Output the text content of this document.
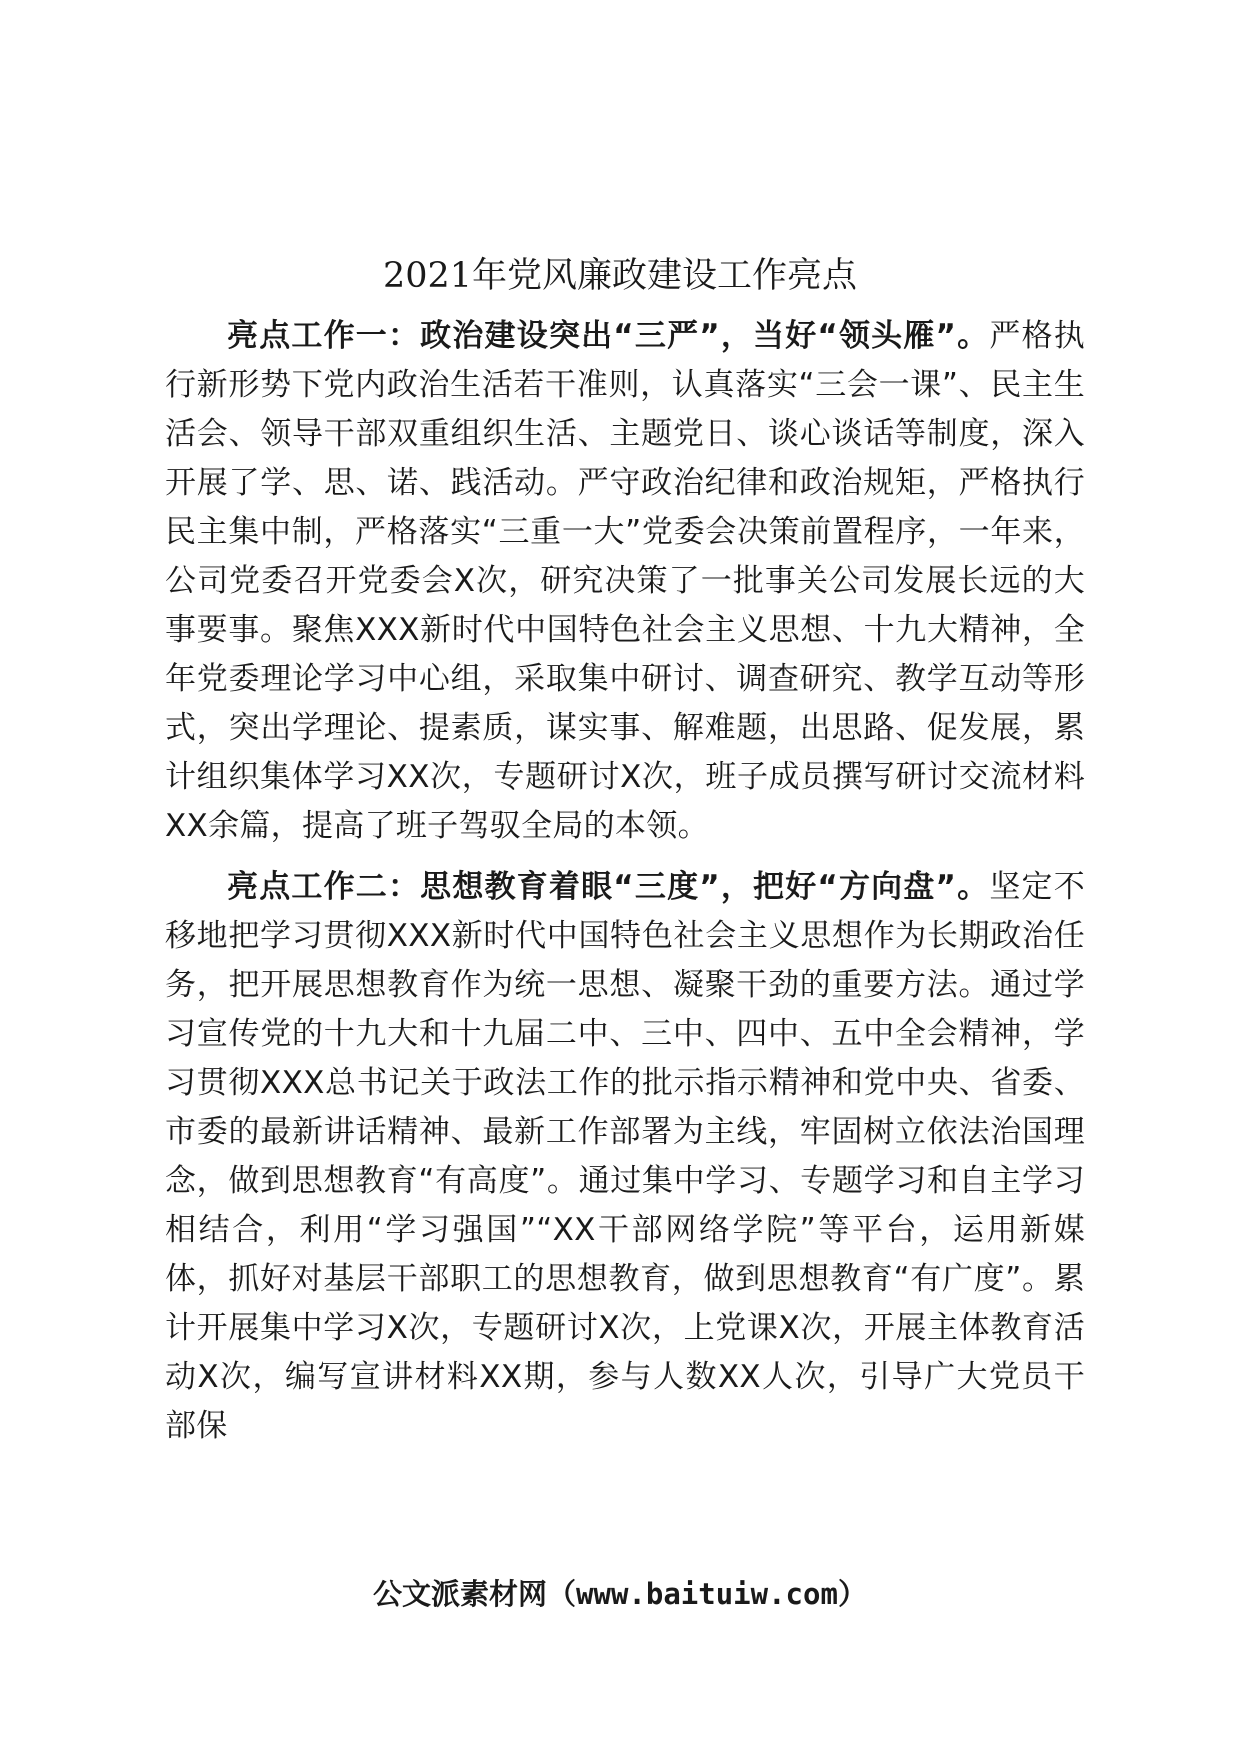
2021年党风廉政建设工作亮点

亮点工作一：政治建设突出“三严”，当好“领头雁”。严格执行新形势下党内政治生活若干准则，认真落实“三会一课”、民主生活会、领导干部双重组织生活、主题党日、谈心谈话等制度，深入开展了学、思、诺、践活动。严守政治纪律和政治规矩，严格执行民主集中制，严格落实“三重一大”党委会决策前置程序，一年来，公司党委召开党委会X次，研究决策了一批事关公司发展长远的大事要事。聚焦XXX新时代中国特色社会主义思想、十九大精神，全年党委理论学习中心组，采取集中研讨、调查研究、教学互动等形式，突出学理论、提素质，谋实事、解难题，出思路、促发展，累计组织集体学习XX次，专题研讨X次，班子成员撰写研讨交流材料XX余篇，提高了班子驾驭全局的本领。

亮点工作二：思想教育着眼“三度”，把好“方向盘”。坚定不移地把学习贯彻XXX新时代中国特色社会主义思想作为长期政治任务，把开展思想教育作为统一思想、凝聚干劲的重要方法。通过学习宣传党的十九大和十九届二中、三中、四中、五中全会精神，学习贯彻XXX总书记关于政法工作的批示指示精神和党中央、省委、市委的最新讲话精神、最新工作部署为主线，牢固树立依法治国理念，做到思想教育“有高度”。通过集中学习、专题学习和自主学习相结合，利用“学习强国”“XX干部网络学院”等平台，运用新媒体，抓好对基层干部职工的思想教育，做到思想教育“有广度”。累计开展集中学习X次，专题研讨X次，上党课X次，开展主体教育活动X次，编写宣讲材料XX期，参与人数XX人次，引导广大党员干部保

公文派素材网（www.baituiw.com）
